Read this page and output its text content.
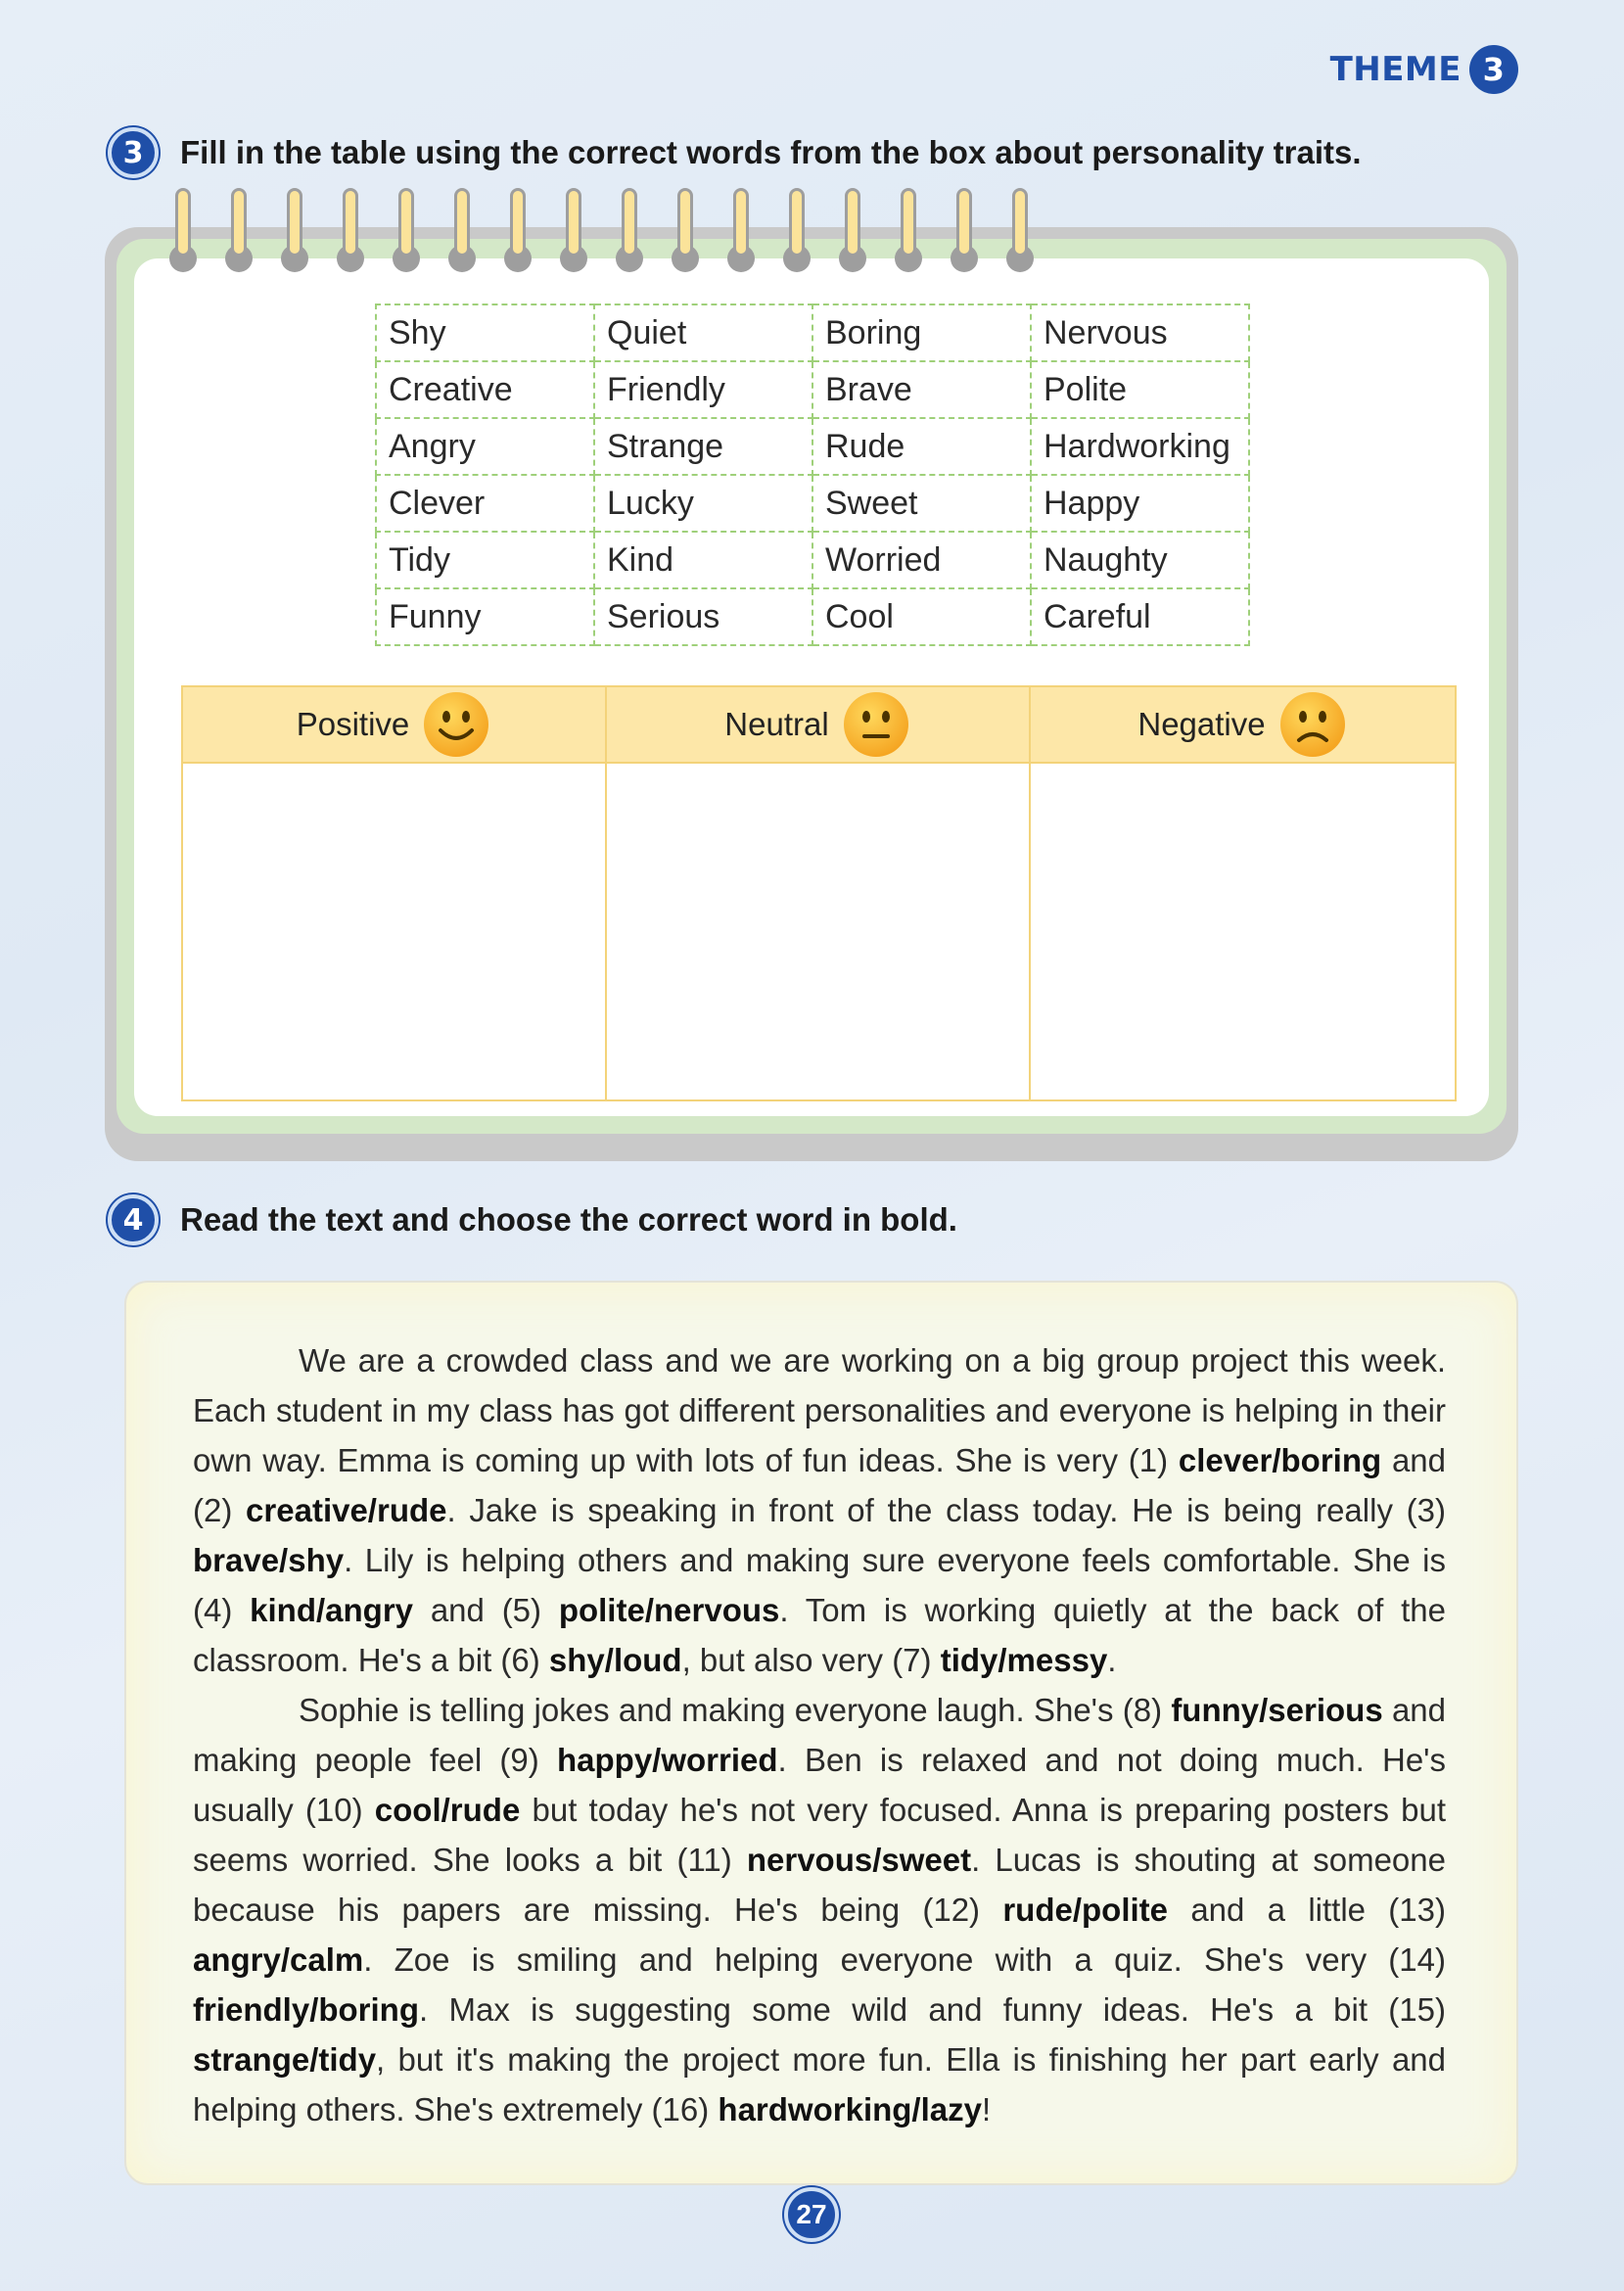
THEME 3
3	Fill in the table using the correct words from the box about personality traits.
Shy	Quiet	Boring	Nervous
Creative	Friendly	Brave	Polite
Angry	Strange	Rude	Hardworking
Clever	Lucky	Sweet	Happy
Tidy	Kind	Worried	Naughty
Funny	Serious	Cool	Careful
Positive	Neutral	Negative
4	Read the text and choose the correct word in bold.

We are a crowded class and we are working on a big group project this week. Each student in my class has got different personalities and everyone is helping in their own way. Emma is coming up with lots of fun ideas. She is very (1) clever/boring and (2) creative/rude. Jake is speaking in front of the class today. He is being really (3) brave/shy. Lily is helping others and making sure everyone feels comfortable. She is (4) kind/angry and (5) polite/nervous. Tom is working quietly at the back of the classroom. He's a bit (6) shy/loud, but also very (7) tidy/messy.

Sophie is telling jokes and making everyone laugh. She's (8) funny/serious and making people feel (9) happy/worried. Ben is relaxed and not doing much. He's usually (10) cool/rude but today he's not very focused. Anna is preparing posters but seems worried. She looks a bit (11) nervous/sweet. Lucas is shouting at someone because his papers are missing. He's being (12) rude/polite and a little (13) angry/calm. Zoe is smiling and helping everyone with a quiz. She's very (14) friendly/boring. Max is suggesting some wild and funny ideas. He's a bit (15) strange/tidy, but it's making the project more fun. Ella is finishing her part early and helping others. She's extremely (16) hardworking/lazy!

27
